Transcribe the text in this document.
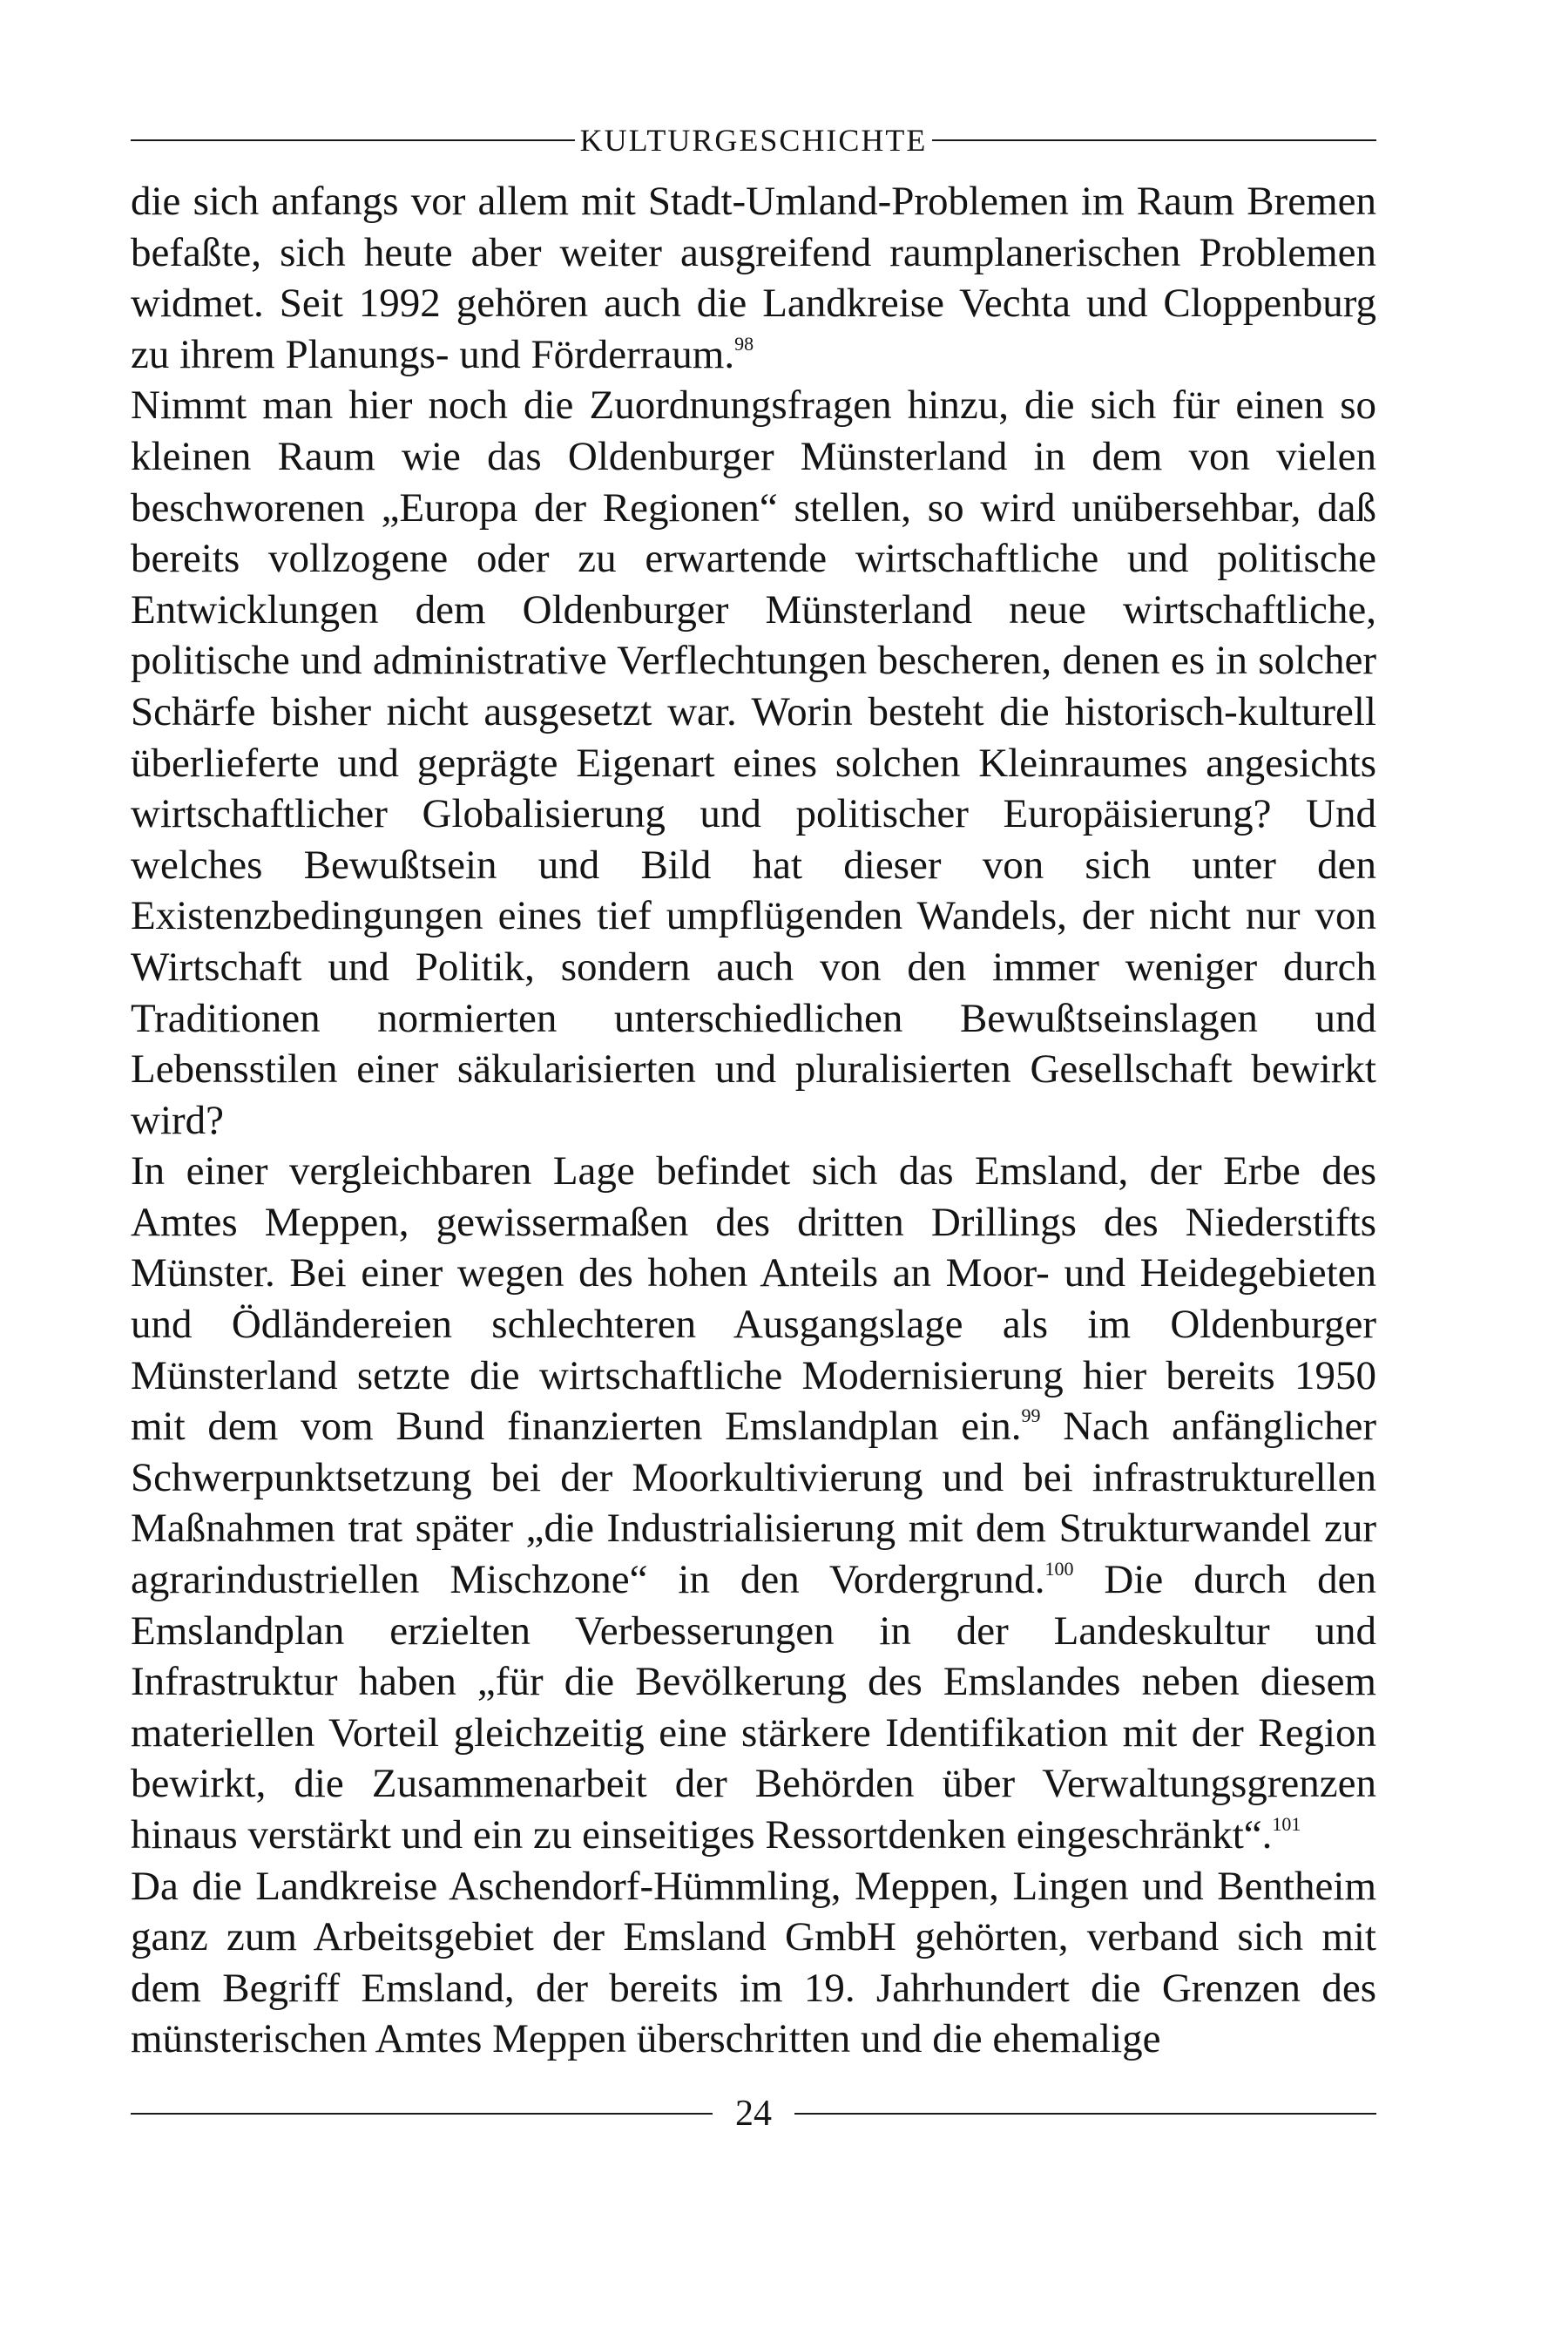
KULTURGESCHICHTE

die sich anfangs vor allem mit Stadt-Umland-Problemen im Raum Bremen befaßte, sich heute aber weiter ausgreifend raumplanerischen Problemen widmet. Seit 1992 gehören auch die Landkreise Vechta und Cloppenburg zu ihrem Planungs- und Förderraum.$^{98}$

Nimmt man hier noch die Zuordnungsfragen hinzu, die sich für einen so kleinen Raum wie das Oldenburger Münsterland in dem von vielen beschworenen „Europa der Regionen“ stellen, so wird unübersehbar, daß bereits vollzogene oder zu erwartende wirtschaftliche und politische Entwicklungen dem Oldenburger Münsterland neue wirtschaftliche, politische und administrative Verflechtungen bescheren, denen es in solcher Schärfe bisher nicht ausgesetzt war. Worin besteht die historisch-kulturell überlieferte und geprägte Eigenart eines solchen Kleinraumes angesichts wirtschaftlicher Globalisierung und politischer Europäisierung? Und welches Bewußtsein und Bild hat dieser von sich unter den Existenzbedingungen eines tief umpflügenden Wandels, der nicht nur von Wirtschaft und Politik, sondern auch von den immer weniger durch Traditionen normierten unterschiedlichen Bewußtseinslagen und Lebensstilen einer säkularisierten und pluralisierten Gesellschaft bewirkt wird?

In einer vergleichbaren Lage befindet sich das Emsland, der Erbe des Amtes Meppen, gewissermaßen des dritten Drillings des Niederstifts Münster. Bei einer wegen des hohen Anteils an Moor- und Heidegebieten und Ödländereien schlechteren Ausgangslage als im Oldenburger Münsterland setzte die wirtschaftliche Modernisierung hier bereits 1950 mit dem vom Bund finanzierten Emslandplan ein.$^{99}$ Nach anfänglicher Schwerpunktsetzung bei der Moorkultivierung und bei infrastrukturellen Maßnahmen trat später „die Industrialisierung mit dem Strukturwandel zur agrarindustriellen Mischzone“ in den Vordergrund.$^{100}$ Die durch den Emslandplan erzielten Verbesserungen in der Landeskultur und Infrastruktur haben „für die Bevölkerung des Emslandes neben diesem materiellen Vorteil gleichzeitig eine stärkere Identifikation mit der Region bewirkt, die Zusammenarbeit der Behörden über Verwaltungsgrenzen hinaus verstärkt und ein zu einseitiges Ressortdenken eingeschränkt“.$^{101}$

Da die Landkreise Aschendorf-Hümmling, Meppen, Lingen und Bentheim ganz zum Arbeitsgebiet der Emsland GmbH gehörten, verband sich mit dem Begriff Emsland, der bereits im 19. Jahrhundert die Grenzen des münsterischen Amtes Meppen überschritten und die ehemalige

24
